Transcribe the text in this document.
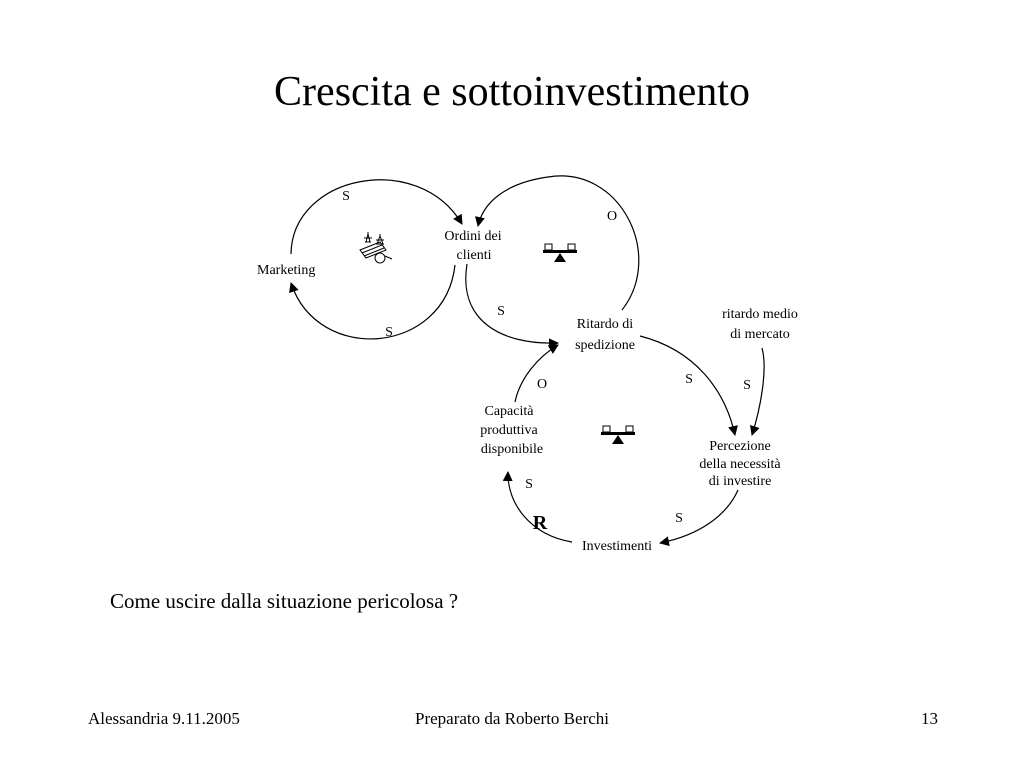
Crescita e sottoinvestimento
Marketing
Ordini dei
clienti
Ritardo di
spedizione
ritardo medio
di mercato
Percezione
della necessità
di investire
Capacità
produttiva
disponibile
Investimenti
S
S
O
S
S	S
S
S
O
R
Come uscire dalla situazione pericolosa ?
Alessandria 9.11.2005	Preparato da Roberto Berchi	13
